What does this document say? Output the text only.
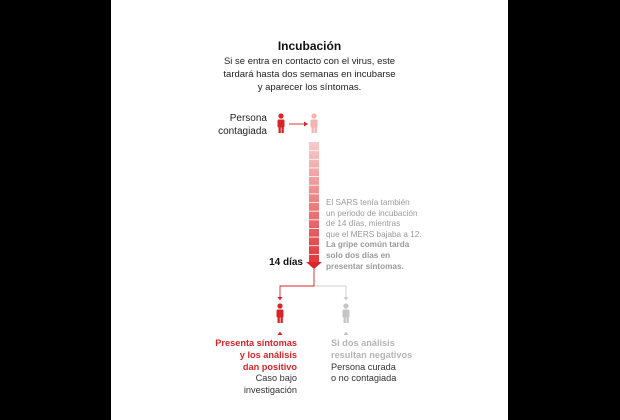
Incubación
Si se entra en contacto con el virus, este
tardará hasta dos semanas en incubarse
y aparecer los síntomas.
Persona
contagiada
El SARS tenía también
un periodo de incubación
de 14 días, mientras
que el MERS bajaba a 12.
La gripe común tarda
solo dos días en
presentar síntomas.
14 días
Presenta síntomas
y los análisis
dan positivo
Caso bajo
investigación
Si dos análisis
resultan negativos
Persona curada
o no contagiada
